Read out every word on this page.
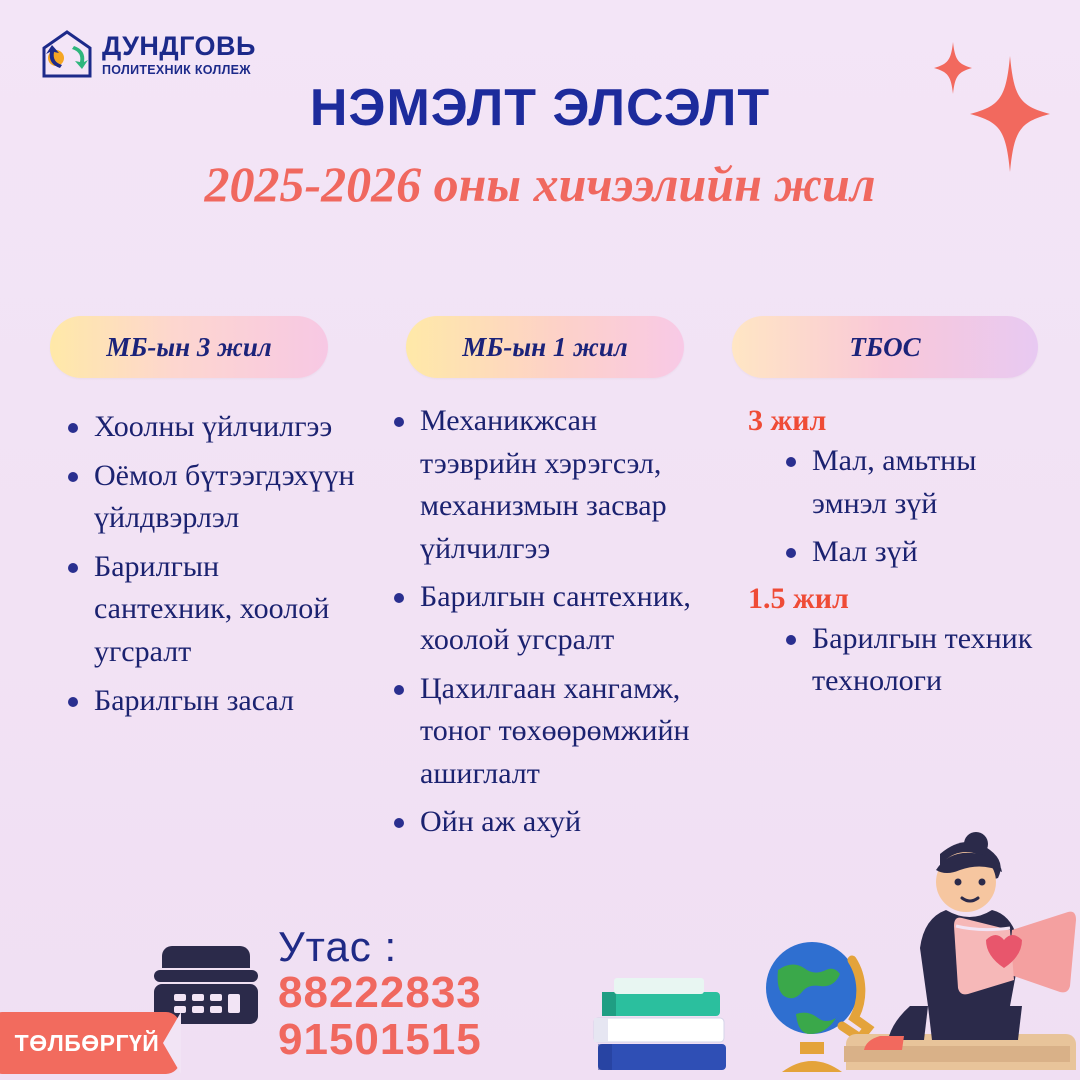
ДУНДГОВЬ
ПОЛИТЕХНИК КОЛЛЕЖ
НЭМЭЛТ ЭЛСЭЛТ
2025-2026 оны хичээлийн жил
МБ-ын 3 жил
Хоолны үйлчилгээ
Оёмол бүтээгдэхүүн үйлдвэрлэл
Барилгын сантехник, хоолой угсралт
Барилгын засал
МБ-ын 1 жил
Механикжсан тээврийн хэрэгсэл, механизмын засвар үйлчилгээ
Барилгын сантехник, хоолой угсралт
Цахилгаан хангамж, тоног төхөөрөмжийн ашиглалт
Ойн аж ахуй
ТБОС
3 жил
Мал, амьтны эмнэл зүй
Мал зүй
1.5 жил
Барилгын техник технологи
Утас :
88222833
91501515
ТӨЛБӨРГҮЙ
